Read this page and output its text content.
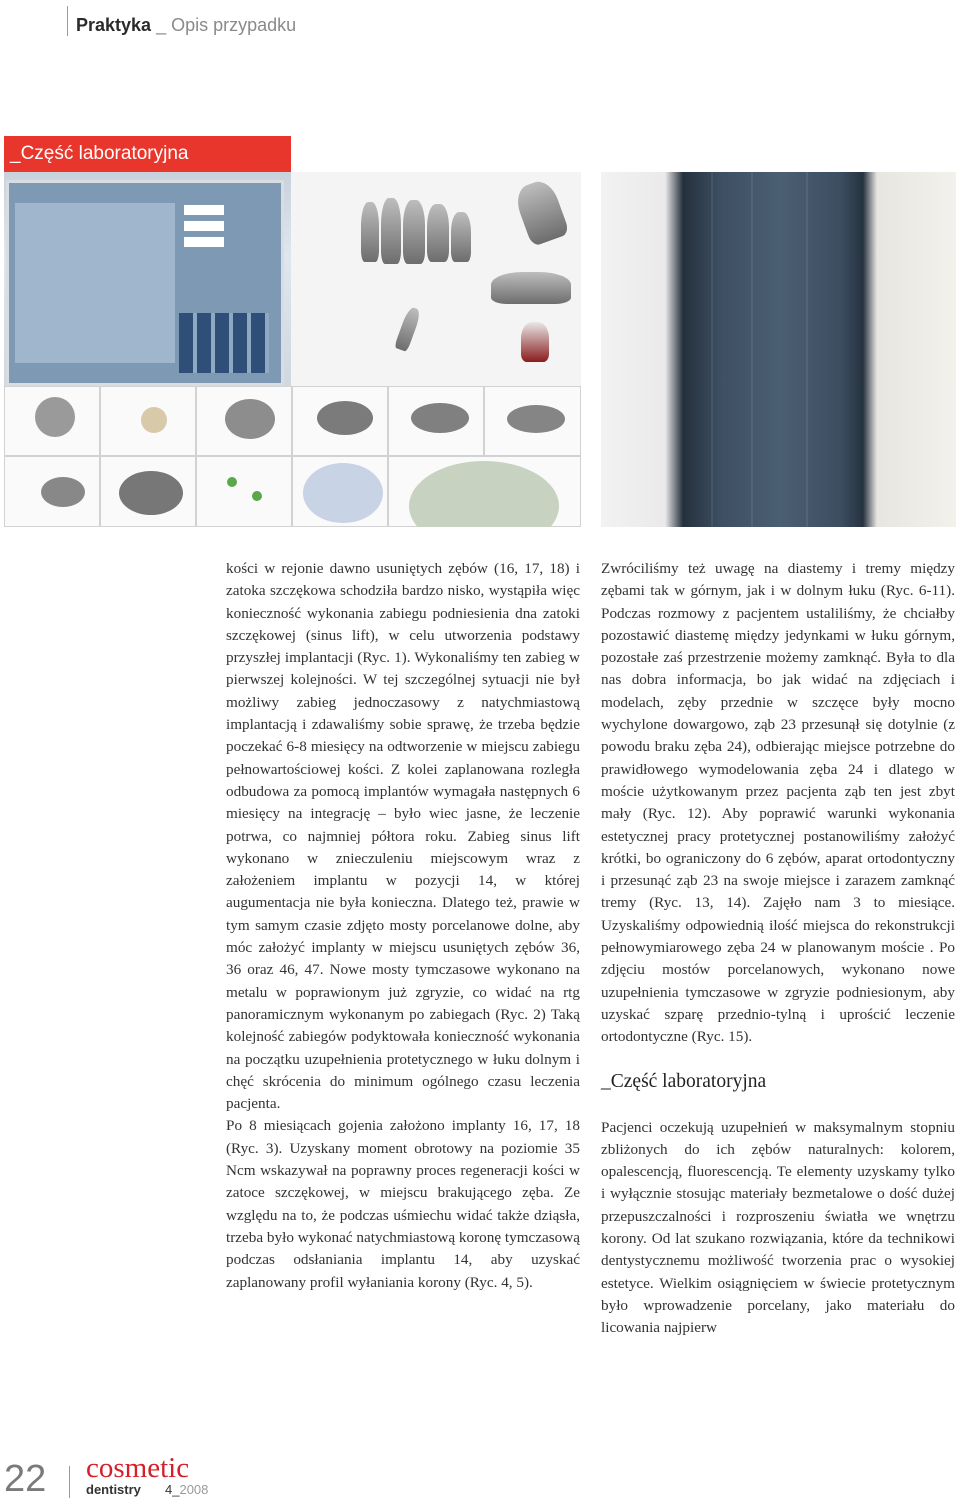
Praktyka _ Opis przypadku
_Część laboratoryjna

kości w rejonie dawno usuniętych zębów (16, 17, 18) i zatoka szczękowa schodziła bardzo nisko, wystąpiła więc konieczność wykonania zabiegu podniesienia dna zatoki szczękowej (sinus lift), w celu utworzenia podstawy przyszłej implantacji (Ryc. 1). Wykonaliśmy ten zabieg w pierwszej kolejności. W tej szczególnej sytuacji nie był możliwy zabieg jednoczasowy z natychmiastową implantacją i zdawaliśmy sobie sprawę, że trzeba będzie poczekać 6-8 miesięcy na odtworzenie w miejscu zabiegu pełnowartościowej kości. Z kolei zaplanowana rozległa odbudowa za pomocą implantów wymagała następnych 6 miesięcy na integrację – było wiec jasne, że leczenie potrwa, co najmniej półtora roku. Zabieg sinus lift wykonano w znieczuleniu miejscowym wraz z założeniem implantu w pozycji 14, w której augumentacja nie była konieczna. Dlatego też, prawie w tym samym czasie zdjęto mosty porcelanowe dolne, aby móc założyć implanty w miejscu usuniętych zębów 36, 36 oraz 46, 47. Nowe mosty tymczasowe wykonano na metalu w poprawionym już zgryzie, co widać na rtg panoramicznym wykonanym po zabiegach (Ryc. 2) Taką kolejność zabiegów podyktowała konieczność wykonania na początku uzupełnienia protetycznego w łuku dolnym i chęć skrócenia do minimum ogólnego czasu leczenia pacjenta.

Po 8 miesiącach gojenia założono implanty 16, 17, 18 (Ryc. 3). Uzyskany moment obrotowy na poziomie 35 Ncm wskazywał na poprawny proces regeneracji kości w zatoce szczękowej, w miejscu brakującego zęba. Ze względu na to, że podczas uśmiechu widać także dziąsła, trzeba było wykonać natychmiastową koronę tymczasową podczas odsłaniania implantu 14, aby uzyskać zaplanowany profil wyłaniania korony (Ryc. 4, 5).

Zwróciliśmy też uwagę na diastemy i tremy między zębami tak w górnym, jak i w dolnym łuku (Ryc. 6-11). Podczas rozmowy z pacjentem ustaliliśmy, że chciałby pozostawić diastemę między jedynkami w łuku górnym, pozostałe zaś przestrzenie możemy zamknąć. Była to dla nas dobra informacja, bo jak widać na zdjęciach i modelach, zęby przednie w szczęce były mocno wychylone dowargowo, ząb 23 przesunął się dotylnie (z powodu braku zęba 24), odbierając miejsce potrzebne do prawidłowego wymodelowania zęba 24 i dlatego w moście użytkowanym przez pacjenta ząb ten jest zbyt mały (Ryc. 12). Aby poprawić warunki wykonania estetycznej pracy protetycznej postanowiliśmy założyć krótki, bo ograniczony do 6 zębów, aparat ortodontyczny i przesunąć ząb 23 na swoje miejsce i zarazem zamknąć tremy (Ryc. 13, 14). Zajęło nam 3 to miesiące. Uzyskaliśmy odpowiednią ilość miejsca do rekonstrukcji pełnowymiarowego zęba 24 w planowanym moście . Po zdjęciu mostów porcelanowych, wykonano nowe uzupełnienia tymczasowe w zgryzie podniesionym, aby uzyskać szparę przednio-tylną i uprościć leczenie ortodontyczne (Ryc. 15).

_Część laboratoryjna

Pacjenci oczekują uzupełnień w maksymalnym stopniu zbliżonych do ich zębów naturalnych: kolorem, opalescencją, fluorescencją. Te elementy uzyskamy tylko i wyłącznie stosując materiały bezmetalowe o dość dużej przepuszczalności i rozproszeniu światła we wnętrzu korony. Od lat szukano rozwiązania, które da technikowi dentystycznemu możliwość tworzenia prac o wysokiej estetyce. Wielkim osiągnięciem w świecie protetycznym było wprowadzenie porcelany, jako materiału do licowania najpierw

22 cosmetic
dentistry 4_2008
